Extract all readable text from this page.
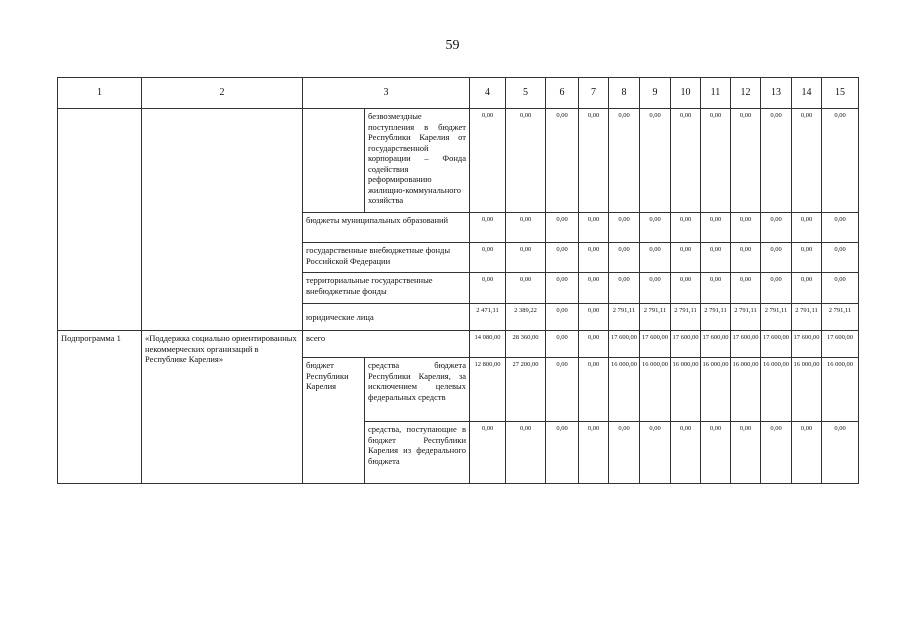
59
1	2	3		4	5	6	7	8	9	10	11	12	13	14	15
			безвозмездные поступления в бюджет Республики Карелия от государственной корпорации – Фонда содействия реформированию жилищно-коммунального хозяйства	0,00	0,00	0,00	0,00	0,00	0,00	0,00	0,00	0,00	0,00	0,00	0,00
		бюджеты муниципальных образований		0,00	0,00	0,00	0,00	0,00	0,00	0,00	0,00	0,00	0,00	0,00	0,00
		государственные внебюджетные фонды Российской Федерации		0,00	0,00	0,00	0,00	0,00	0,00	0,00	0,00	0,00	0,00	0,00	0,00
		территориальные государственные внебюджетные фонды		0,00	0,00	0,00	0,00	0,00	0,00	0,00	0,00	0,00	0,00	0,00	0,00
		юридические лица		2 471,11	2 389,22	0,00	0,00	2 791,11	2 791,11	2 791,11	2 791,11	2 791,11	2 791,11	2 791,11	2 791,11
Подпрограмма 1	«Поддержка социально ориентированных некоммерческих организаций в Республике Карелия»	всего		14 080,00	28 360,00	0,00	0,00	17 600,00	17 600,00	17 600,00	17 600,00	17 600,00	17 600,00	17 600,00	17 600,00
		бюджет Республики Карелия	средства бюджета Республики Карелия, за исключением целевых федеральных средств	12 800,00	27 200,00	0,00	0,00	16 000,00	16 000,00	16 000,00	16 000,00	16 000,00	16 000,00	16 000,00	16 000,00
			средства, поступающие в бюджет Республики Карелия из федерального бюджета	0,00	0,00	0,00	0,00	0,00	0,00	0,00	0,00	0,00	0,00	0,00	0,00
